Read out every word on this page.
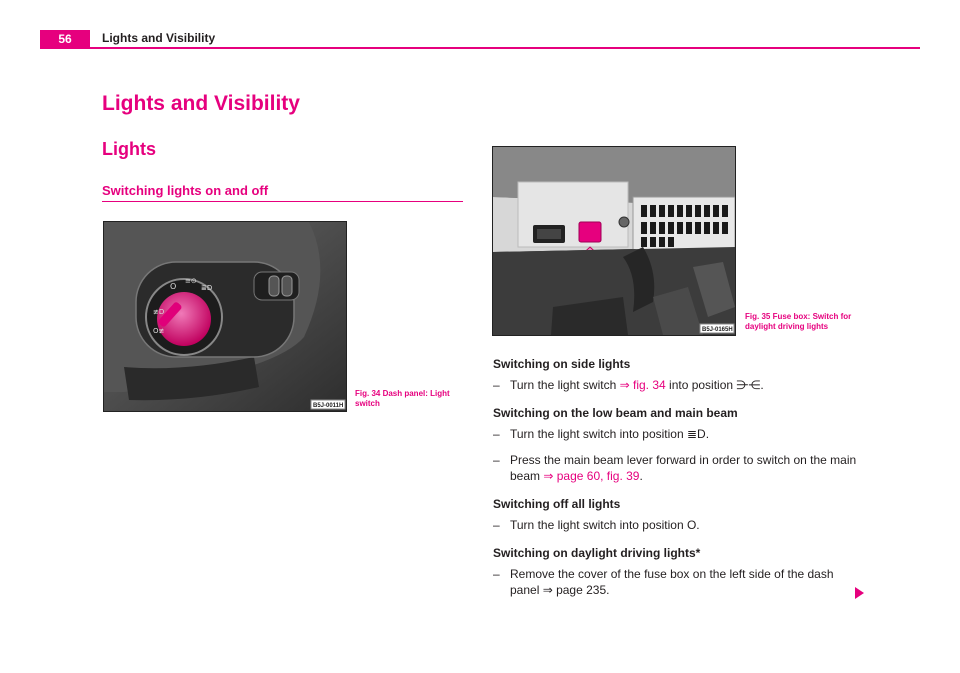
56	Lights and Visibility
Lights and Visibility
Lights
Switching lights on and off
O
≡⊙
≣D
≢D
O≢
B5J-0011H
Fig. 34 Dash panel: Light switch
B5J-0165H
Fig. 35 Fuse box: Switch for daylight driving lights
Switching on side lights
– Turn the light switch ⇒ fig. 34 into position ⋺⋲.
Switching on the low beam and main beam
– Turn the light switch into position ≣D.
– Press the main beam lever forward in order to switch on the main beam ⇒ page 60, fig. 39.
Switching off all lights
– Turn the light switch into position O.
Switching on daylight driving lights*
– Remove the cover of the fuse box on the left side of the dash panel ⇒ page 235.
